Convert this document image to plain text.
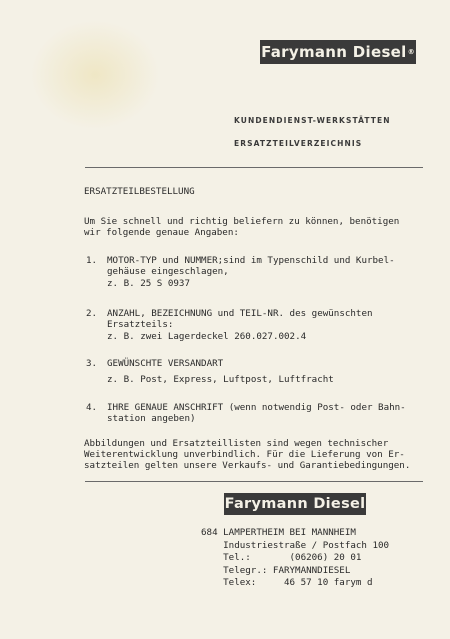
Farymann Diesel ®
KUNDENDIENST-WERKSTÄTTEN
ERSATZTEILVERZEICHNIS
ERSATZTEILBESTELLUNG
Um Sie schnell und richtig beliefern zu können, benötigen
wir folgende genaue Angaben:
1. MOTOR-TYP und NUMMER;sind im Typenschild und Kurbel-
gehäuse eingeschlagen,
z. B. 25 S 0937
2. ANZAHL, BEZEICHNUNG und TEIL-NR. des gewünschten
Ersatzteils:
z. B. zwei Lagerdeckel 260.027.002.4
3. GEWÜNSCHTE VERSANDART
z. B. Post, Express, Luftpost, Luftfracht
4. IHRE GENAUE ANSCHRIFT (wenn notwendig Post- oder Bahn-
station angeben)
Abbildungen und Ersatzteillisten sind wegen technischer
Weiterentwicklung unverbindlich. Für die Lieferung von Er-
satzteilen gelten unsere Verkaufs- und Garantiebedingungen.
Farymann Diesel
684 LAMPERTHEIM BEI MANNHEIM
Industriestraße / Postfach 100
Tel.:       (06206) 20 01
Telegr.: FARYMANNDIESEL
Telex:     46 57 10 farym d
